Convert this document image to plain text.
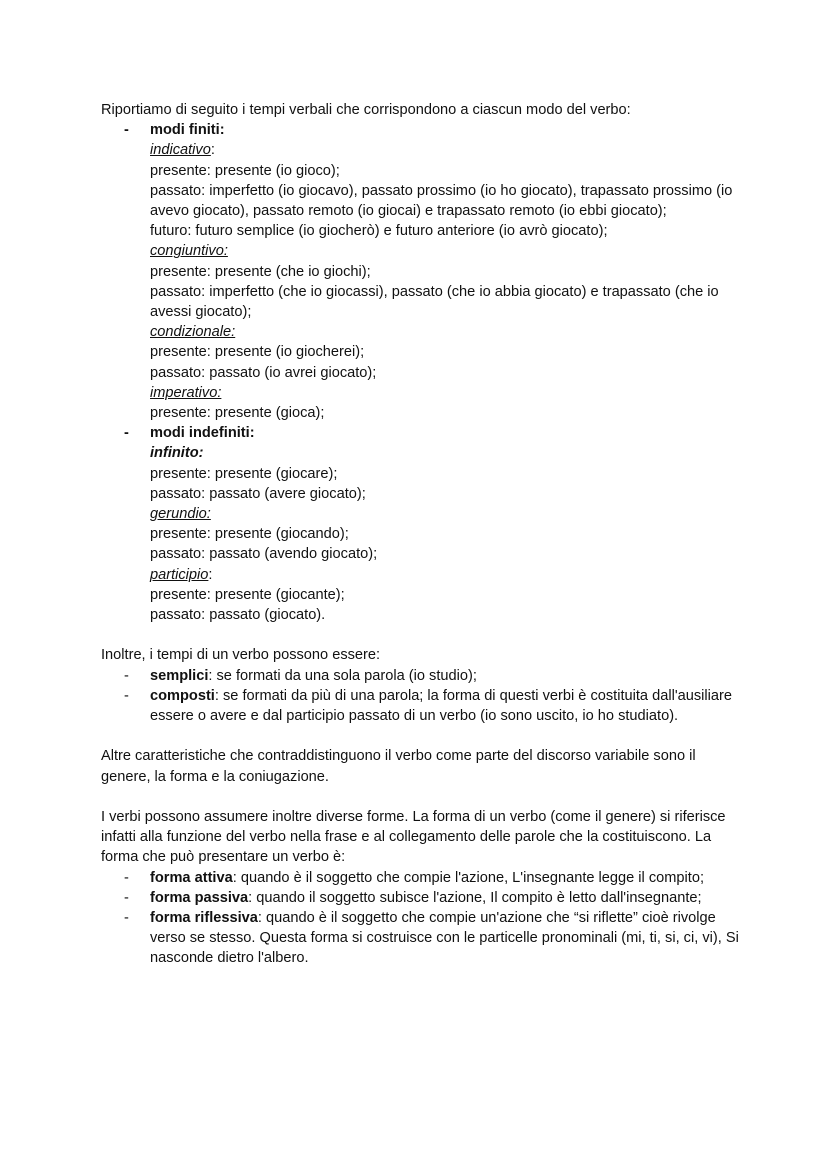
Riportiamo di seguito i tempi verbali che corrispondono a ciascun modo del verbo:

- modi finiti:
indicativo:
presente: presente (io gioco);
passato: imperfetto (io giocavo), passato prossimo (io ho giocato), trapassato prossimo (io avevo giocato), passato remoto (io giocai) e trapassato remoto (io ebbi giocato);
futuro: futuro semplice (io giocherò) e futuro anteriore (io avrò giocato);
congiuntivo:
presente: presente (che io giochi);
passato: imperfetto (che io giocassi), passato (che io abbia giocato) e trapassato (che io avessi giocato);
condizionale:
presente: presente (io giocherei);
passato: passato (io avrei giocato);
imperativo:
presente: presente (gioca);
- modi indefiniti:
infinito:
presente: presente (giocare);
passato: passato (avere giocato);
gerundio:
presente: presente (giocando);
passato: passato (avendo giocato);
participio:
presente: presente (giocante);
passato: passato (giocato).

Inoltre, i tempi di un verbo possono essere:

- semplici: se formati da una sola parola (io studio);
- composti: se formati da più di una parola; la forma di questi verbi è costituita dall'ausiliare essere o avere e dal participio passato di un verbo (io sono uscito, io ho studiato).

Altre caratteristiche che contraddistinguono il verbo come parte del discorso variabile sono il genere, la forma e la coniugazione.

I verbi possono assumere inoltre diverse forme. La forma di un verbo (come il genere) si riferisce infatti alla funzione del verbo nella frase e al collegamento delle parole che la costituiscono. La forma che può presentare un verbo è:

- forma attiva: quando è il soggetto che compie l'azione, L'insegnante legge il compito;
- forma passiva: quando il soggetto subisce l'azione, Il compito è letto dall'insegnante;
- forma riflessiva: quando è il soggetto che compie un'azione che “si riflette” cioè rivolge verso se stesso. Questa forma si costruisce con le particelle pronominali (mi, ti, si, ci, vi), Si nasconde dietro l'albero.
